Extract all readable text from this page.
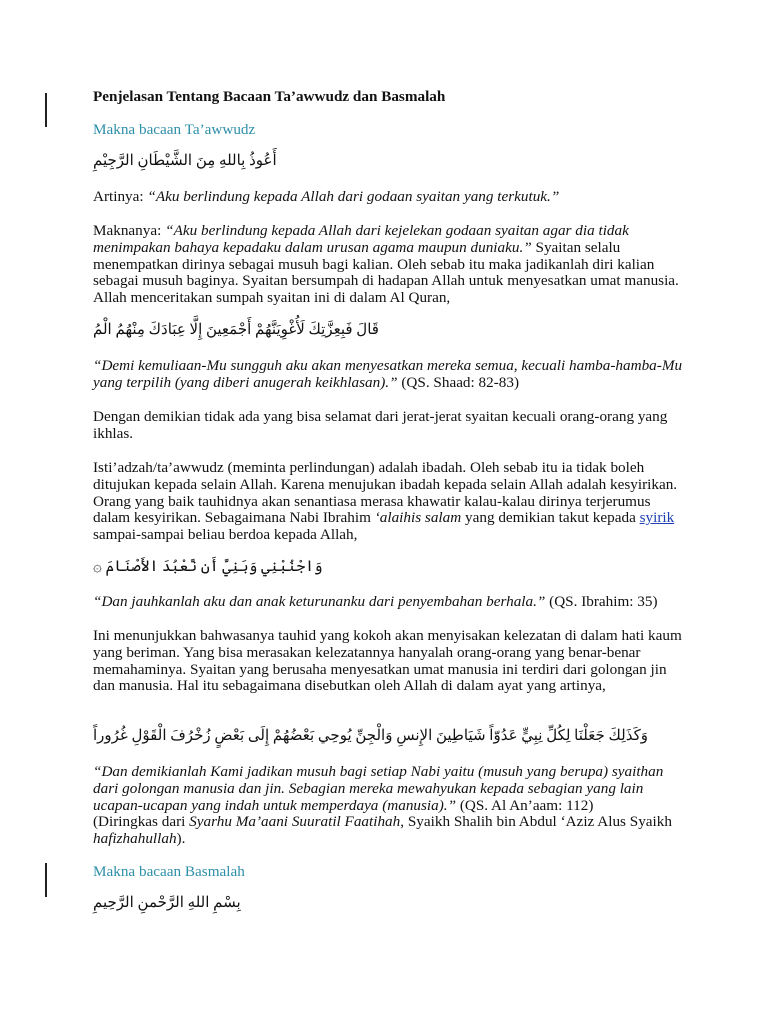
Penjelasan Tentang Bacaan Ta’awwudz dan Basmalah
Makna bacaan Ta’awwudz
أَعُوذُ بِاللهِ مِنَ الشَّيْطَانِ الرَّجِيْمِ
Artinya: “Aku berlindung kepada Allah dari godaan syaitan yang terkutuk.”
Maknanya: “Aku berlindung kepada Allah dari kejelekan godaan syaitan agar dia tidak menimpakan bahaya kepadaku dalam urusan agama maupun duniaku.” Syaitan selalu menempatkan dirinya sebagai musuh bagi kalian. Oleh sebab itu maka jadikanlah diri kalian sebagai musuh baginya. Syaitan bersumpah di hadapan Allah untuk menyesatkan umat manusia. Allah menceritakan sumpah syaitan ini di dalam Al Quran,
قَالَ فَبِعِزَّتِكَ لَأُغْوِيَنَّهُمْ أَجْمَعِينَ إِلَّا عِبَادَكَ مِنْهُمُ الْمُ
“Demi kemuliaan-Mu sungguh aku akan menyesatkan mereka semua, kecuali hamba-hamba-Mu yang terpilih (yang diberi anugerah keikhlasan).” (QS. Shaad: 82-83)
Dengan demikian tidak ada yang bisa selamat dari jerat-jerat syaitan kecuali orang-orang yang ikhlas.
Isti’adzah/ta’awwudz (meminta perlindungan) adalah ibadah. Oleh sebab itu ia tidak boleh ditujukan kepada selain Allah. Karena menujukan ibadah kepada selain Allah adalah kesyirikan. Orang yang baik tauhidnya akan senantiasa merasa khawatir kalau-kalau dirinya terjerumus dalam kesyirikan. Sebagaimana Nabi Ibrahim ‘alaihis salam yang demikian takut kepada syirik sampai-sampai beliau berdoa kepada Allah,
وَاجْنُبْنِي وَبَنِيَّ أَن نَّعْبُدَ الأَصْنَامَ ۞
“Dan jauhkanlah aku dan anak keturunanku dari penyembahan berhala.” (QS. Ibrahim: 35)
Ini menunjukkan bahwasanya tauhid yang kokoh akan menyisakan kelezatan di dalam hati kaum yang beriman. Yang bisa merasakan kelezatannya hanyalah orang-orang yang benar-benar memahaminya. Syaitan yang berusaha menyesatkan umat manusia ini terdiri dari golongan jin dan manusia. Hal itu sebagaimana disebutkan oleh Allah di dalam ayat yang artinya,
وَكَذَلِكَ جَعَلْنَا لِكُلِّ نِبِيٍّ عَدُوّاً شَيَاطِينَ الإِنسِ وَالْجِنِّ يُوحِي بَعْضُهُمْ إِلَى بَعْضٍ زُخْرُفَ الْقَوْلِ غُرُوراً
“Dan demikianlah Kami jadikan musuh bagi setiap Nabi yaitu (musuh yang berupa) syaithan dari golongan manusia dan jin. Sebagian mereka mewahyukan kepada sebagian yang lain ucapan-ucapan yang indah untuk memperdaya (manusia).” (QS. Al An’aam: 112)
(Diringkas dari Syarhu Ma’aani Suuratil Faatihah, Syaikh Shalih bin Abdul ‘Aziz Alus Syaikh hafizhahullah).
Makna bacaan Basmalah
بِسْمِ اللهِ الرَّحْمنِ الرَّحِيمِ
